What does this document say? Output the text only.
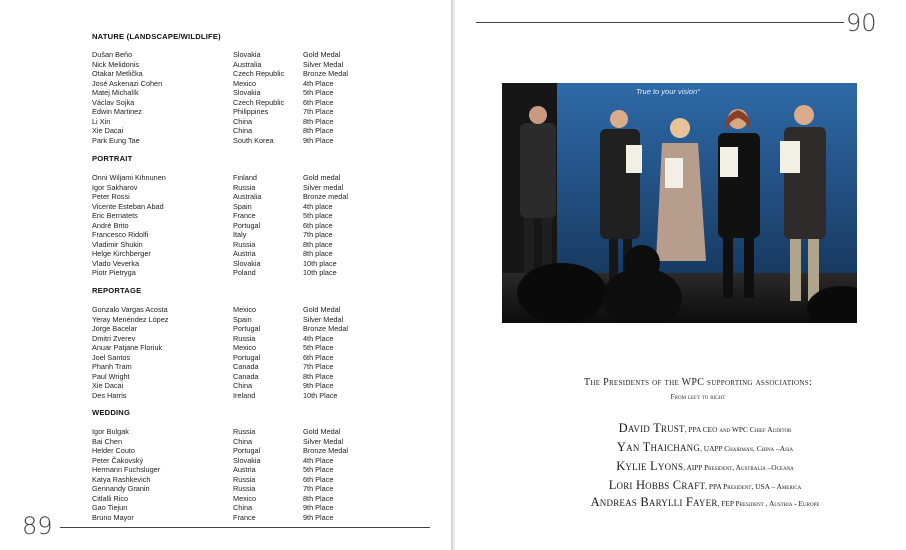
NATURE (LANDSCAPE/WILDLIFE)
Dušan Beňo	Slovakia	Gold Medal
Nick Melidonis	Australia	Silver Medal
Otakar Metlička	Czech Republic	Bronze Medal
José Askenazi Cohen	Mexico	4th Place
Matej Michalík	Slovakia	5th Place
Václav Sojka	Czech Republic	6th Place
Edwin Martinez	Philippines	7th Place
Li Xin	China	8th Place
Xie Dacai	China	8th Place
Park Eung Tae	South Korea	9th Place
PORTRAIT
Onni Wiljami Kihnunen	Finland	Gold medal
Igor Sakharov	Russia	Silver medal
Peter Rossi	Australia	Bronze medal
Vicente Esteban Abad	Spain	4th place
Eric Bernatets	France	5th place
André Brito	Portugal	6th place
Francesco Ridolfi	Italy	7th place
Vladimir Shukin	Russia	8th place
Helge Kirchberger	Austria	8th place
Vlado Veverka	Slovakia	10th place
Piotr Pietryga	Poland	10th place
REPORTAGE
Gonzalo Vargas Acosta	Mexico	Gold Medal
Yeray Menéndez López	Spain	Silver Medal
Jorge Bacelar	Portugal	Bronze Medal
Dmitri Zverev	Russia	4th Place
Anuar Patjane Floriuk	Mexico	5th Place
Joel Santos	Portugal	6th Place
Phanh Tram	Canada	7th Place
Paul Wright	Canada	8th Place
Xie Dacai	China	9th Place
Des Harris	Ireland	10th Place
WEDDING
Igor Bulgak	Russia	Gold Medal
Bai Chen	China	Silver Medal
Helder Couto	Portugal	Bronze Medal
Peter Čakovský	Slovakia	4th Place
Hermann Fuchsluger	Austria	5th Place
Katya Rashkevich	Russia	6th Place
Gennandy Granin	Russia	7th Place
Citlalli Rico	Mexico	8th Place
Gao Tiejun	China	9th Place
Bruno Mayor	France	9th Place
89
90
True to your vision°
The Presidents of the WPC supporting associations:
From left to right
David Trust, PPA CEO and WPC Chief Auditor
Yan Thaichang, UAPP Chairman, China –Asia
Kylie Lyons, AIPP President, Australia –Oceana
Lori Hobbs Craft, PPA President, USA – America
Andreas Barylli Fayer, FEP President , Austria - Europe
